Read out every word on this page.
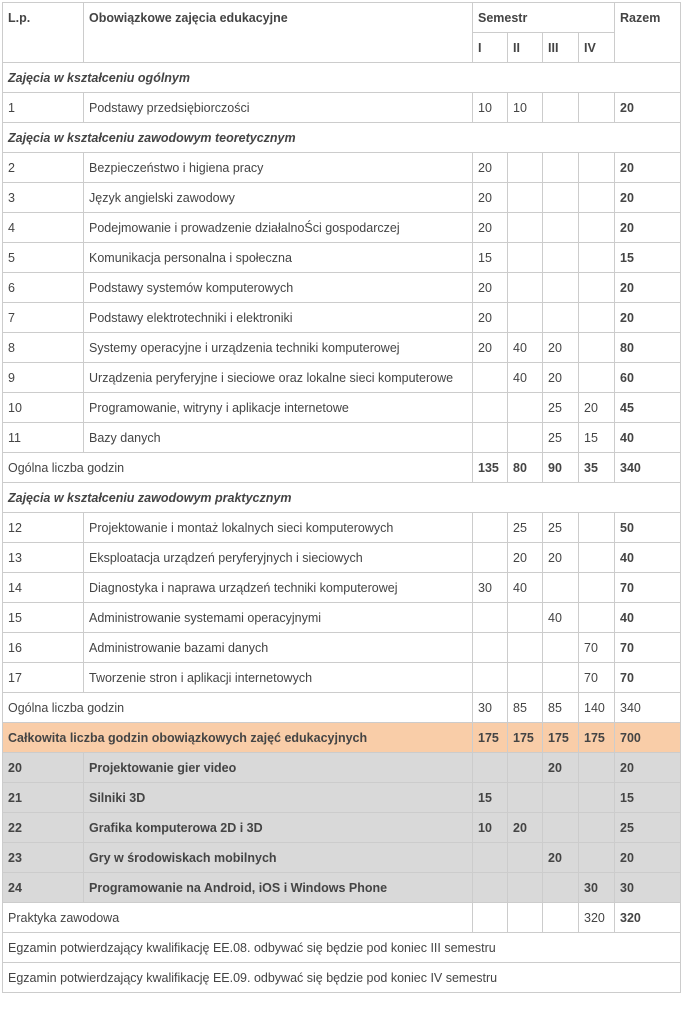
L.p.	Obowiązkowe zajęcia edukacyjne	Semestr				Razem
		I	II	III	IV	
Zajęcia w kształceniu ogólnym						
1	Podstawy przedsiębiorczości	10	10			20
Zajęcia w kształceniu zawodowym teoretycznym						
2	Bezpieczeństwo i higiena pracy	20				20
3	Język angielski zawodowy	20				20
4	Podejmowanie i prowadzenie działalnoŚci gospodarczej	20				20
5	Komunikacja personalna i społeczna	15				15
6	Podstawy systemów komputerowych	20				20
7	Podstawy elektrotechniki i elektroniki	20				20
8	Systemy operacyjne i urządzenia techniki komputerowej	20	40	20		80
9	Urządzenia peryferyjne i sieciowe oraz lokalne sieci komputerowe		40	20		60
10	Programowanie, witryny i aplikacje internetowe			25	20	45
11	Bazy danych			25	15	40
Ogólna liczba godzin		135	80	90	35	340
Zajęcia w kształceniu zawodowym praktycznym						
12	Projektowanie i montaż lokalnych sieci komputerowych		25	25		50
13	Eksploatacja urządzeń peryferyjnych i sieciowych		20	20		40
14	Diagnostyka i naprawa urządzeń techniki komputerowej	30	40			70
15	Administrowanie systemami operacyjnymi			40		40
16	Administrowanie bazami danych				70	70
17	Tworzenie stron i aplikacji internetowych				70	70
Ogólna liczba godzin		30	85	85	140	340
Całkowita liczba godzin obowiązkowych zajęć edukacyjnych		175	175	175	175	700
20	Projektowanie gier video			20		20
21	Silniki 3D	15				15
22	Grafika komputerowa 2D i 3D	10	20			25
23	Gry w środowiskach mobilnych			20		20
24	Programowanie na Android, iOS i Windows Phone				30	30
Praktyka zawodowa					320	320
Egzamin potwierdzający kwalifikację EE.08. odbywać się będzie pod koniec III semestru						
Egzamin potwierdzający kwalifikację EE.09. odbywać się będzie pod koniec IV semestru						
